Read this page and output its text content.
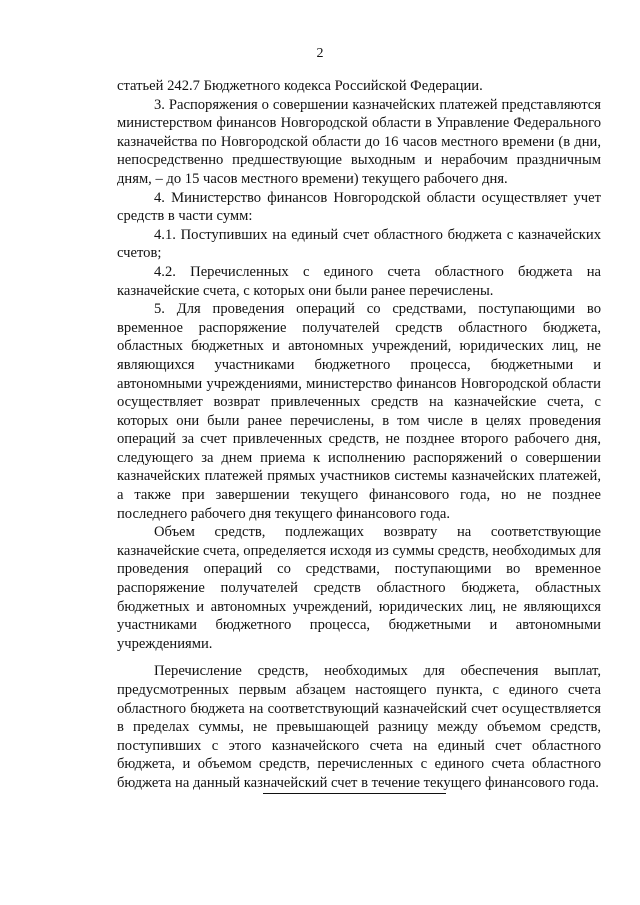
2

статьей 242.7 Бюджетного кодекса Российской Федерации.

3. Распоряжения о совершении казначейских платежей представляются министерством финансов Новгородской области в Управление Федерального казначейства по Новгородской области до 16 часов местного времени (в дни, непосредственно предшествующие выходным и нерабочим праздничным дням, – до 15 часов местного времени) текущего рабочего дня.

4. Министерство финансов Новгородской области осуществляет учет средств в части сумм:

4.1. Поступивших на единый счет областного бюджета с казначейских счетов;

4.2. Перечисленных с единого счета областного бюджета на казначейские счета, с которых они были ранее перечислены.

5. Для проведения операций со средствами, поступающими во временное распоряжение получателей средств областного бюджета, областных бюджетных и автономных учреждений, юридических лиц, не являющихся участниками бюджетного процесса, бюджетными и автономными учреждениями, министерство финансов Новгородской области осуществляет возврат привлеченных средств на казначейские счета, с которых они были ранее перечислены, в том числе в целях проведения операций за счет привлеченных средств, не позднее второго рабочего дня, следующего за днем приема к исполнению распоряжений о совершении казначейских платежей прямых участников системы казначейских платежей, а также при завершении текущего финансового года, но не позднее последнего рабочего дня текущего финансового года.

Объем средств, подлежащих возврату на соответствующие казначейские счета, определяется исходя из суммы средств, необходимых для проведения операций со средствами, поступающими во временное распоряжение получателей средств областного бюджета, областных бюджетных и автономных учреждений, юридических лиц, не являющихся участниками бюджетного процесса, бюджетными и автономными учреждениями.

Перечисление средств, необходимых для обеспечения выплат, предусмотренных первым абзацем настоящего пункта, с единого счета областного бюджета на соответствующий казначейский счет осуществляется в пределах суммы, не превышающей разницу между объемом средств, поступивших с этого казначейского счета на единый счет областного бюджета, и объемом средств, перечисленных с единого счета областного бюджета на данный казначейский счет в течение текущего финансового года.
